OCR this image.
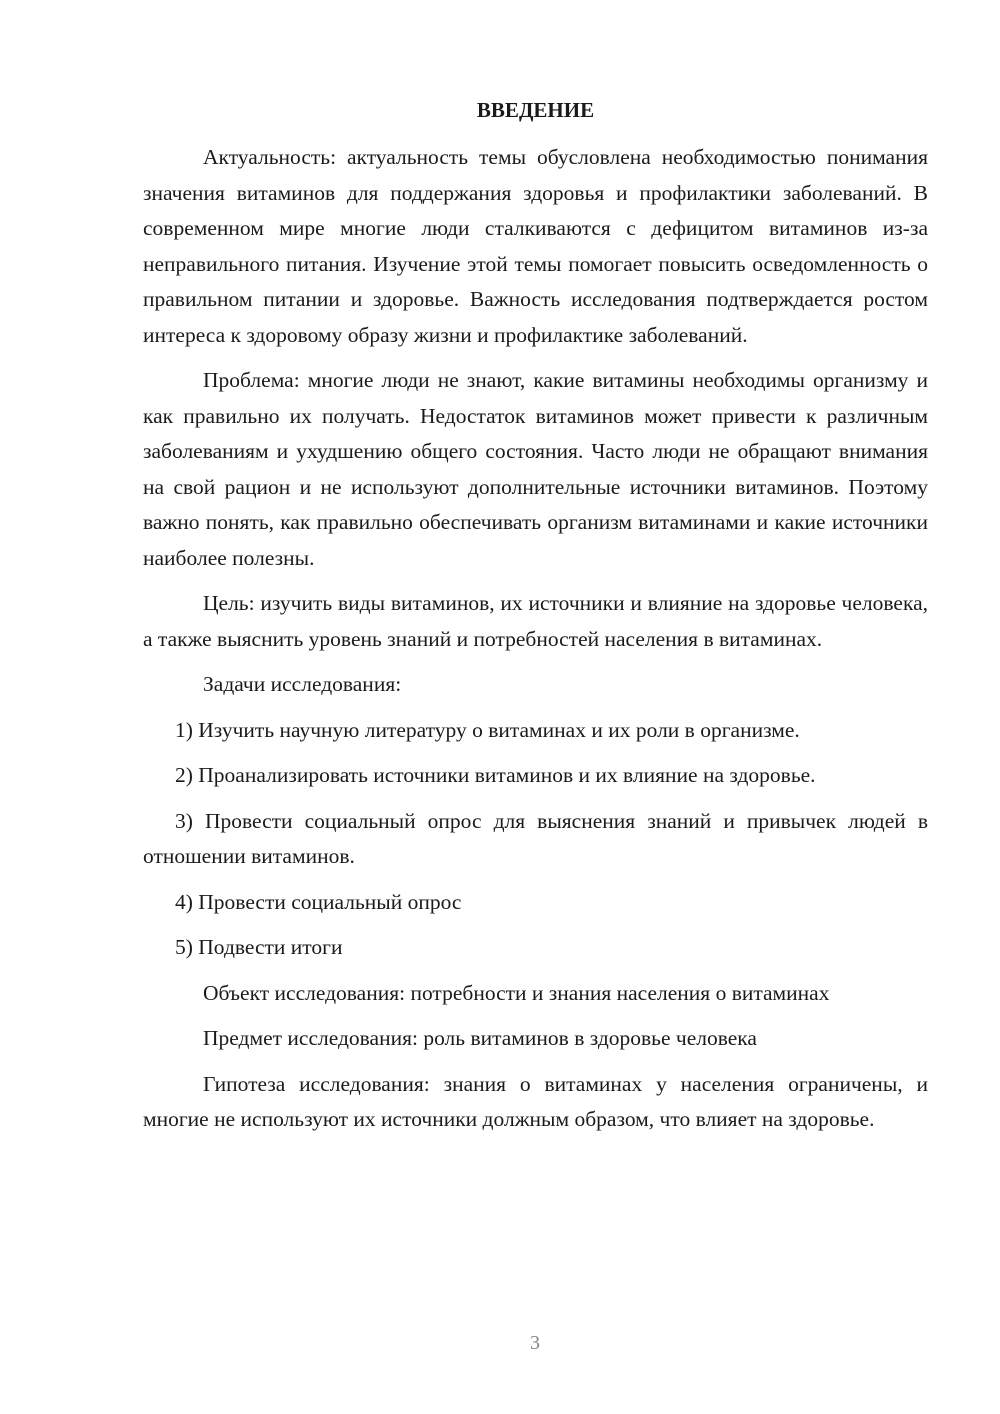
ВВЕДЕНИЕ

Актуальность: актуальность темы обусловлена необходимостью понимания значения витаминов для поддержания здоровья и профилактики заболеваний. В современном мире многие люди сталкиваются с дефицитом витаминов из-за неправильного питания. Изучение этой темы помогает повысить осведомленность о правильном питании и здоровье. Важность исследования подтверждается ростом интереса к здоровому образу жизни и профилактике заболеваний.

Проблема: многие люди не знают, какие витамины необходимы организму и как правильно их получать. Недостаток витаминов может привести к различным заболеваниям и ухудшению общего состояния. Часто люди не обращают внимания на свой рацион и не используют дополнительные источники витаминов. Поэтому важно понять, как правильно обеспечивать организм витаминами и какие источники наиболее полезны.

Цель: изучить виды витаминов, их источники и влияние на здоровье человека, а также выяснить уровень знаний и потребностей населения в витаминах.

Задачи исследования:

1) Изучить научную литературу о витаминах и их роли в организме.

2) Проанализировать источники витаминов и их влияние на здоровье.

3) Провести социальный опрос для выяснения знаний и привычек людей в отношении витаминов.

4) Провести социальный опрос

5) Подвести итоги

Объект исследования: потребности и знания населения о витаминах

Предмет исследования: роль витаминов в здоровье человека

Гипотеза исследования: знания о витаминах у населения ограничены, и многие не используют их источники должным образом, что влияет на здоровье.

3
